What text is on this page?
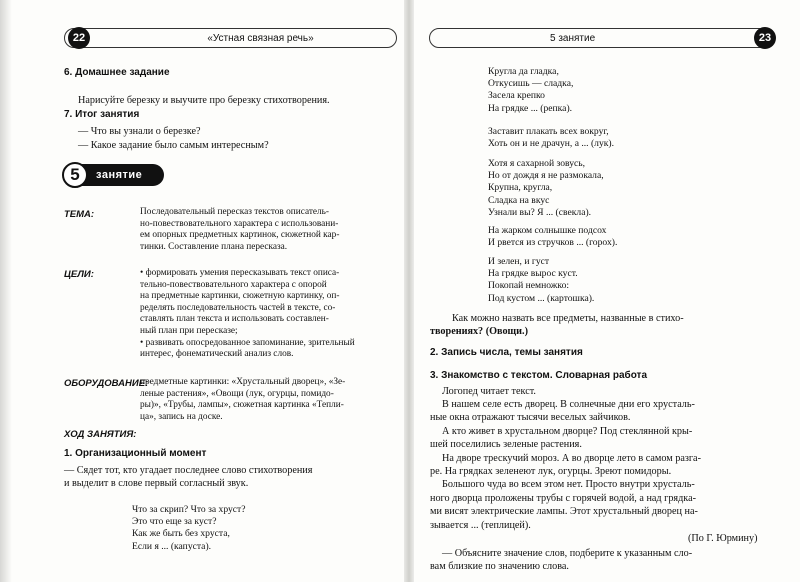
«Устная связная речь»
22
6. Домашнее задание
Нарисуйте березку и выучите про березку стихотворения.
7. Итог занятия
— Что вы узнали о березке?
— Какое задание было самым интересным?
5	занятие
ТЕМА:	Последовательный пересказ текстов описатель-
но-повествовательного характера с использовани-
ем опорных предметных картинок, сюжетной кар-
тинки. Составление плана пересказа.
ЦЕЛИ:	• формировать умения пересказывать текст описа-
тельно-повествовательного характера с опорой
на предметные картинки, сюжетную картинку, оп-
ределять последовательность частей в тексте, со-
ставлять план текста и использовать составлен-
ный план при пересказе;
• развивать опосредованное запоминание, зрительный
интерес, фонематический анализ слов.
ОБОРУДОВАНИЕ:
предметные картинки: «Хрустальный дворец», «Зе-
леные растения», «Овощи (лук, огурцы, помидо-
ры)», «Трубы, лампы», сюжетная картинка «Тепли-
ца», запись на доске.
ХОД ЗАНЯТИЯ:
1. Организационный момент
— Сядет тот, кто угадает последнее слово стихотворения
и выделит в слове первый согласный звук.
Что за скрип? Что за хруст?
Это что еще за куст?
Как же быть без хруста,
Если я ... (капуста).
5 занятие	23
Кругла да гладка,
Откусишь — сладка,
Засела крепко
На грядке ... (репка).
Заставит плакать всех вокруг,
Хоть он и не драчун, а ... (лук).
Хотя я сахарной зовусь,
Но от дождя я не размокала,
Крупна, кругла,
Сладка на вкус
Узнали вы? Я ... (свекла).
На жарком солнышке подсох
И рвется из стручков ... (горох).
И зелен, и густ
На грядке вырос куст.
Покопай немножко:
Под кустом ... (картошка).
Как можно назвать все предметы, названные в стихо-
творениях? (Овощи.)
2. Запись числа, темы занятия
3. Знакомство с текстом. Словарная работа
Логопед читает текст.
В нашем селе есть дворец. В солнечные дни его хрусталь-
ные окна отражают тысячи веселых зайчиков.
А кто живет в хрустальном дворце? Под стеклянной кры-
шей поселились зеленые растения.
На дворе трескучий мороз. А во дворце лето в самом разга-
ре. На грядках зеленеют лук, огурцы. Зреют помидоры.
Большого чуда во всем этом нет. Просто внутри хрусталь-
ного дворца проложены трубы с горячей водой, а над грядка-
ми висят электрические лампы. Этот хрустальный дворец на-
зывается ... (теплицей).
(По Г. Юрмину)
— Объясните значение слов, подберите к указанным сло-
вам близкие по значению слова.
